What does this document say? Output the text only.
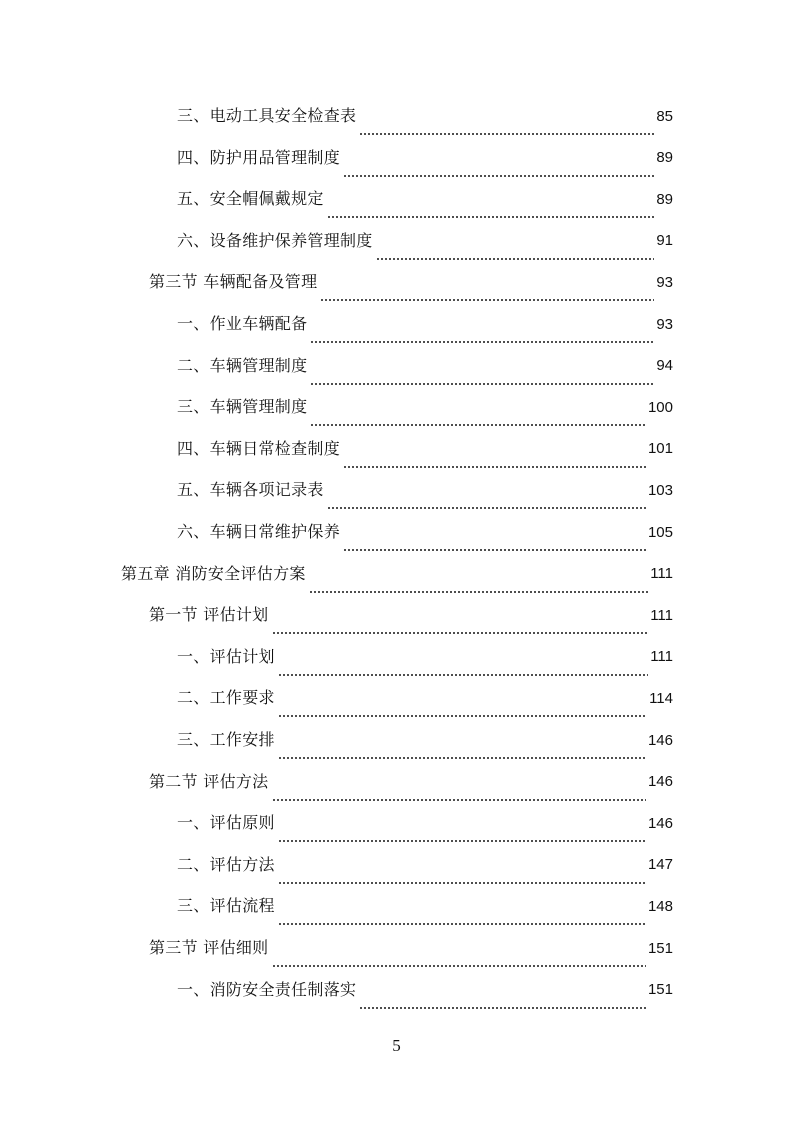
三、电动工具安全检查表	85
四、防护用品管理制度	89
五、安全帽佩戴规定	89
六、设备维护保养管理制度	91
第三节 车辆配备及管理	93
一、作业车辆配备	93
二、车辆管理制度	94
三、车辆管理制度	100
四、车辆日常检查制度	101
五、车辆各项记录表	103
六、车辆日常维护保养	105
第五章 消防安全评估方案	111
第一节 评估计划	111
一、评估计划	111
二、工作要求	114
三、工作安排	146
第二节 评估方法	146
一、评估原则	146
二、评估方法	147
三、评估流程	148
第三节 评估细则	151
一、消防安全责任制落实	151
5
